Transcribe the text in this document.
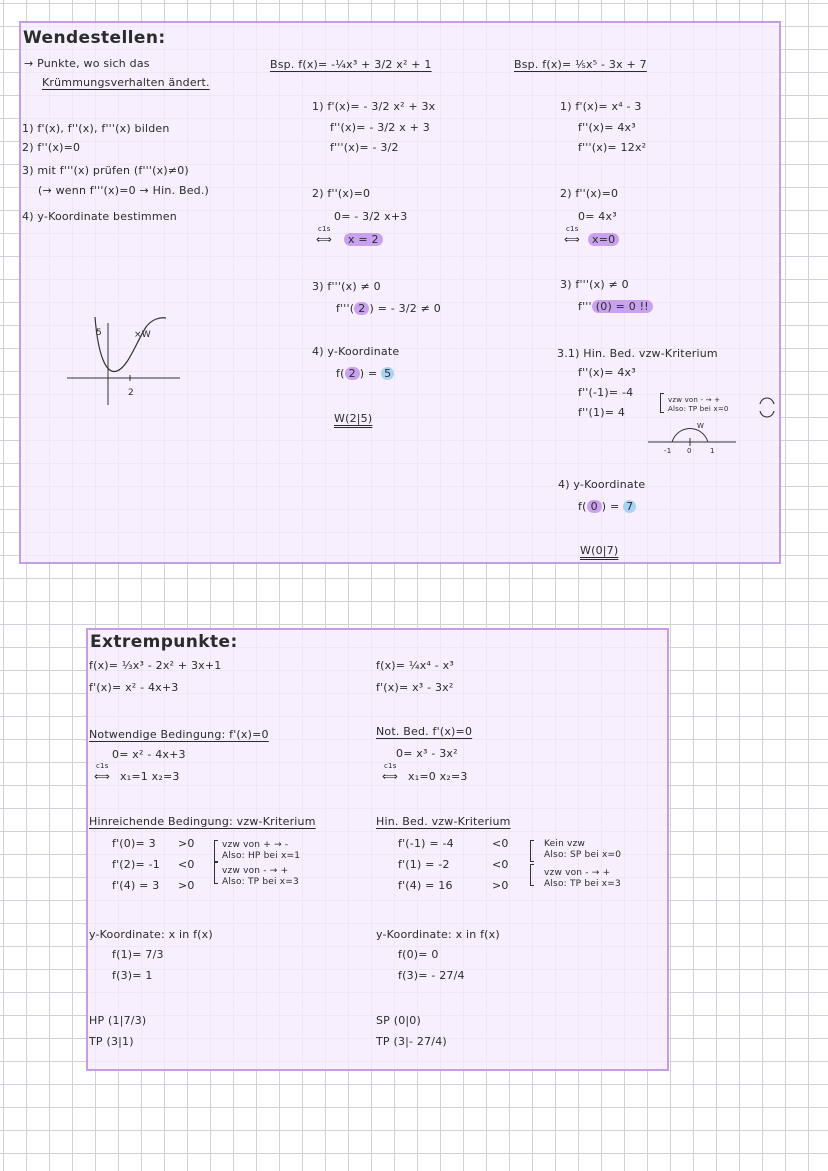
Wendestellen:
→ Punkte, wo sich das
Krümmungsverhalten ändert.
1) f'(x), f''(x), f'''(x) bilden
2) f''(x)=0
3) mit f'''(x) prüfen (f'''(x)≠0)
(→ wenn f'''(x)=0 → Hin. Bed.)
4) y-Koordinate bestimmen
5	×W
2
Bsp. f(x)= -¼x³ + 3/2 x² + 1
1) f'(x)= - 3/2 x² + 3x
f''(x)= - 3/2 x + 3
f'''(x)= - 3/2
2) f''(x)=0
0= - 3/2 x+3
c1s
⟺	x = 2
3) f'''(x) ≠ 0
f'''( 2 ) = - 3/2 ≠ 0
4) y-Koordinate
f( 2 ) = 5
W(2|5)
Bsp. f(x)= ⅕x⁵ - 3x + 7
1) f'(x)= x⁴ - 3
f''(x)= 4x³
f'''(x)= 12x²
2) f''(x)=0
0= 4x³
c1s
⟺	x=0
3) f'''(x) ≠ 0
f''' (0) = 0 !!
3.1) Hin. Bed. vzw-Kriterium
f''(x)= 4x³
f''(-1)= -4
f''(1)= 4
vzw von - → +
Also: TP bei x=0
W
-1 0	1
4) y-Koordinate
f( 0 ) = 7
W(0|7)
Extrempunkte:
f(x)= ⅓x³ - 2x² + 3x+1
f'(x)= x² - 4x+3
Notwendige Bedingung: f'(x)=0
0= x² - 4x+3
c1s
⟺ x₁=1 x₂=3
Hinreichende Bedingung: vzw-Kriterium
f'(0)= 3 >0
f'(2)= -1 <0
f'(4) = 3 >0
vzw von + → -
Also: HP bei x=1
vzw von - → +
Also: TP bei x=3
y-Koordinate: x in f(x)
f(1)= 7/3
f(3)= 1
HP (1|7/3)
TP (3|1)
f(x)= ¼x⁴ - x³
f'(x)= x³ - 3x²
Not. Bed. f'(x)=0
0= x³ - 3x²
c1s
⟺ x₁=0 x₂=3
Hin. Bed. vzw-Kriterium
f'(-1) = -4	<0
f'(1) = -2	<0
f'(4) = 16	>0
Kein vzw
Also: SP bei x=0
vzw von - → +
Also: TP bei x=3
y-Koordinate: x in f(x)
f(0)= 0
f(3)= - 27/4
SP (0|0)
TP (3|- 27/4)
